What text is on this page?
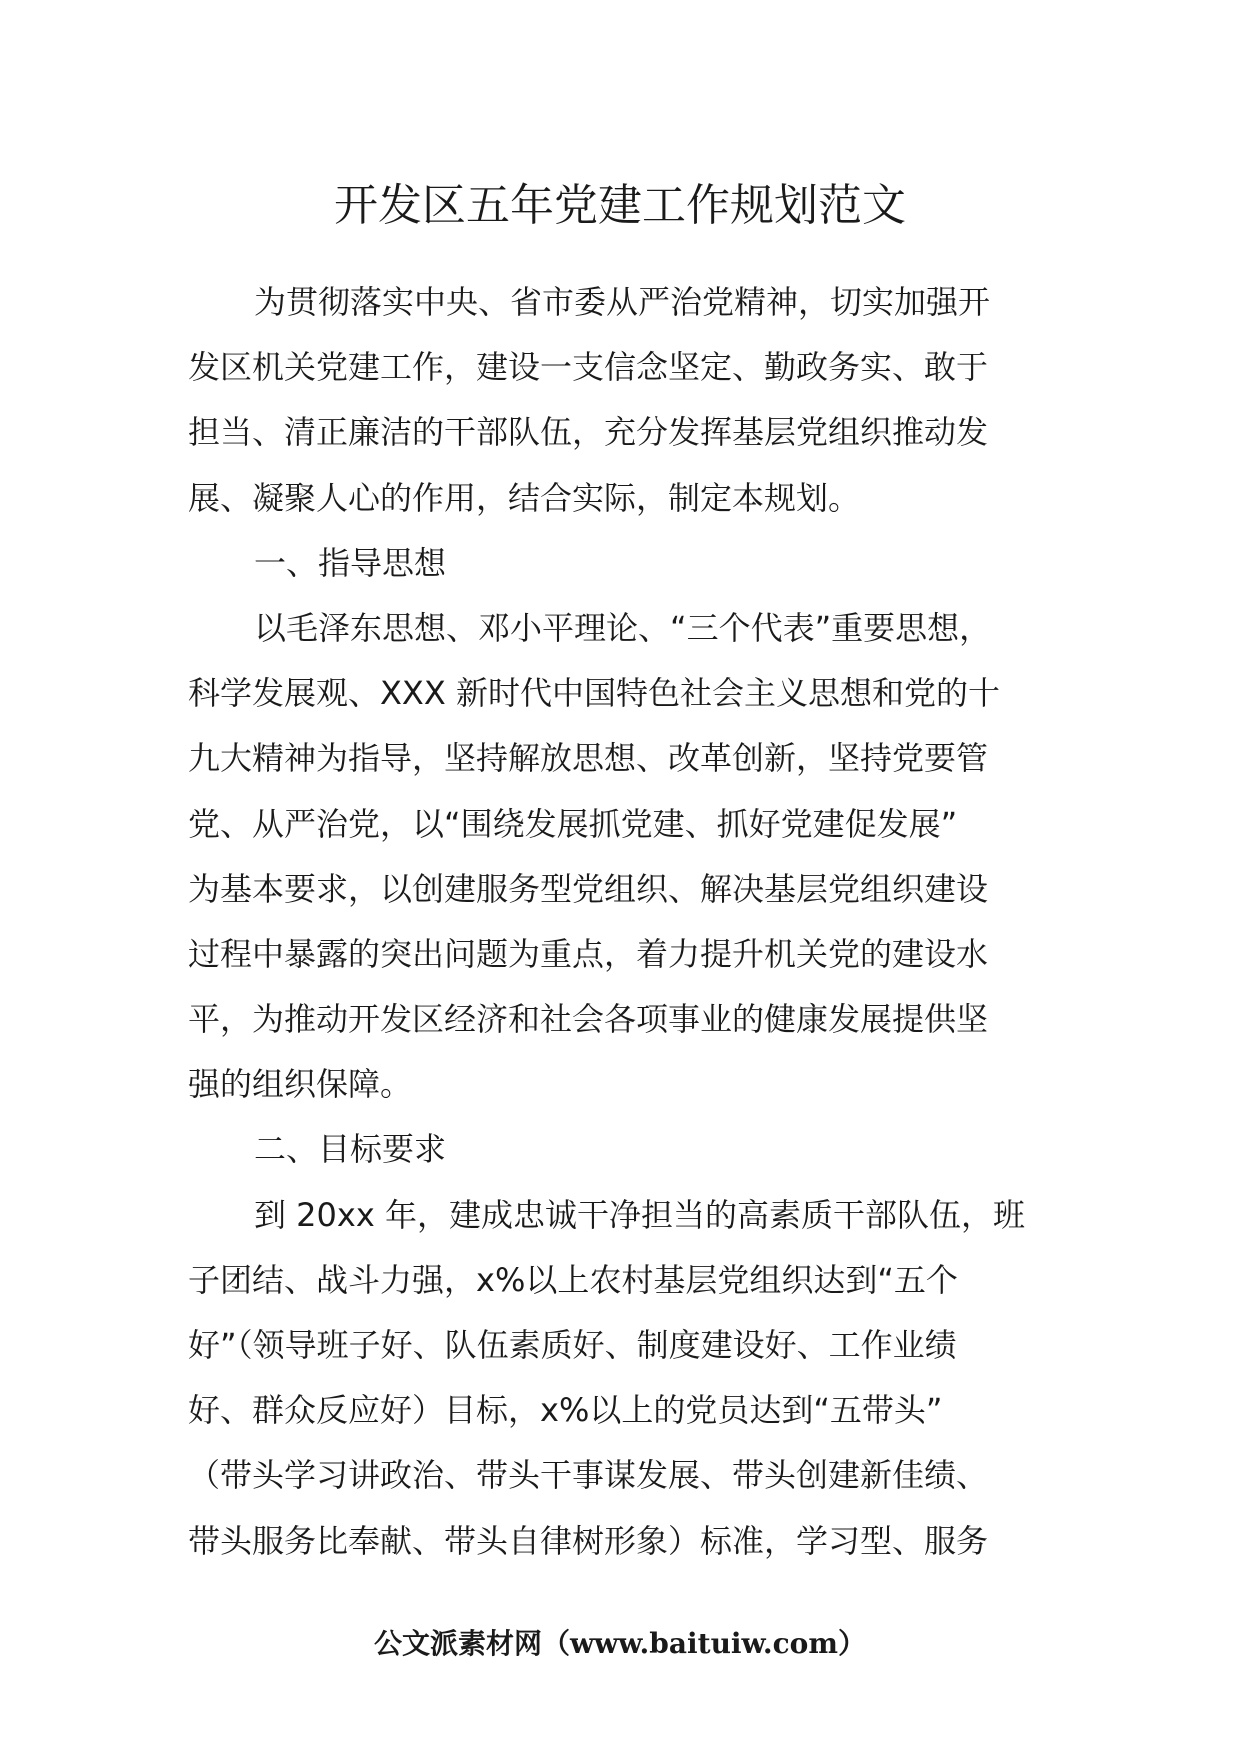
开发区五年党建工作规划范文

为贯彻落实中央、省市委从严治党精神，切实加强开

发区机关党建工作，建设一支信念坚定、勤政务实、敢于

担当、清正廉洁的干部队伍，充分发挥基层党组织推动发

展、凝聚人心的作用，结合实际，制定本规划。

一、指导思想

以毛泽东思想、邓小平理论、“三个代表”重要思想，

科学发展观、XXX 新时代中国特色社会主义思想和党的十

九大精神为指导，坚持解放思想、改革创新，坚持党要管

党、从严治党，以“围绕发展抓党建、抓好党建促发展”

为基本要求，以创建服务型党组织、解决基层党组织建设

过程中暴露的突出问题为重点，着力提升机关党的建设水

平，为推动开发区经济和社会各项事业的健康发展提供坚

强的组织保障。

二、目标要求

到 20xx 年，建成忠诚干净担当的高素质干部队伍，班

子团结、战斗力强，x%以上农村基层党组织达到“五个

好”（领导班子好、队伍素质好、制度建设好、工作业绩

好、群众反应好）目标，x%以上的党员达到“五带头”

（带头学习讲政治、带头干事谋发展、带头创建新佳绩、

带头服务比奉献、带头自律树形象）标准，学习型、服务

公文派素材网（www.baituiw.com）
